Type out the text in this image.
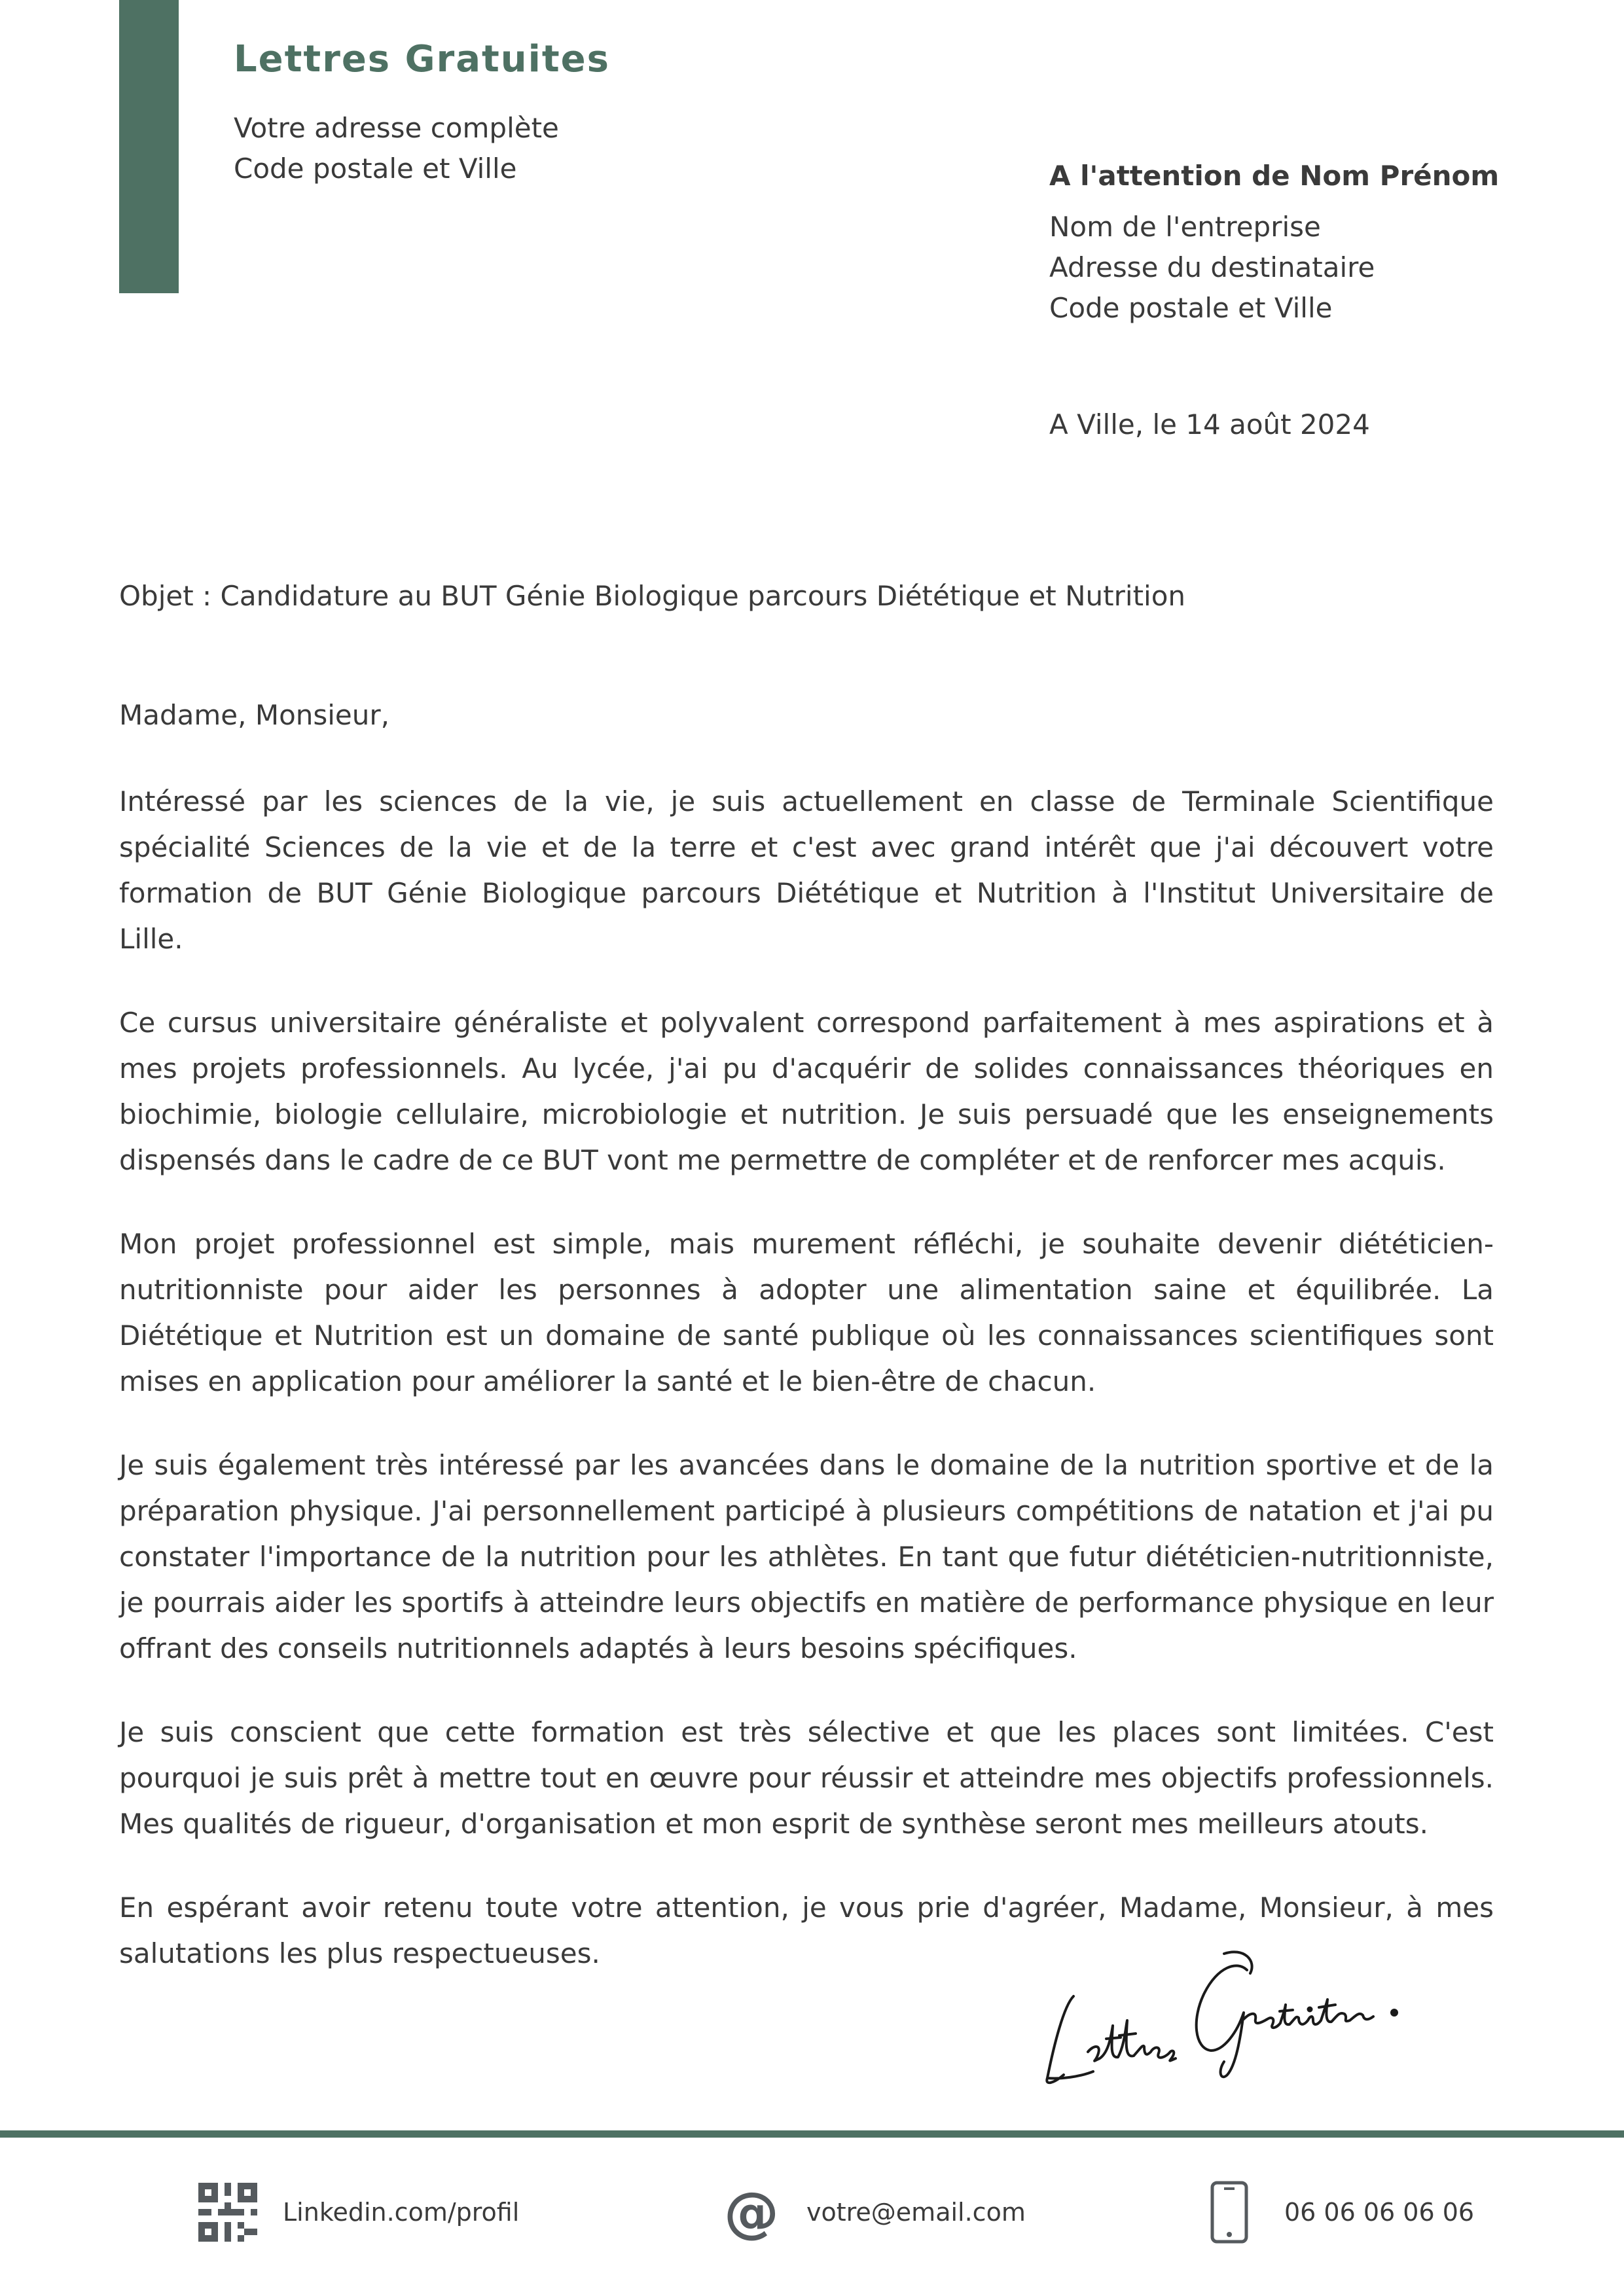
Lettres Gratuites
Votre adresse complète
Code postale et Ville	A l'attention de Nom Prénom
Nom de l'entreprise
Adresse du destinataire
Code postale et Ville
A Ville, le 14 août 2024
Objet : Candidature au BUT Génie Biologique parcours Diététique et Nutrition
Madame, Monsieur,

Intéressé par les sciences de la vie, je suis actuellement en classe de Terminale Scientifique spécialité Sciences de la vie et de la terre et c'est avec grand intérêt que j'ai découvert votre formation de BUT Génie Biologique parcours Diététique et Nutrition à l'Institut Universitaire de Lille.

Ce cursus universitaire généraliste et polyvalent correspond parfaitement à mes aspirations et à mes projets professionnels. Au lycée, j'ai pu d'acquérir de solides connaissances théoriques en biochimie, biologie cellulaire, microbiologie et nutrition. Je suis persuadé que les enseignements dispensés dans le cadre de ce BUT vont me permettre de compléter et de renforcer mes acquis.

Mon projet professionnel est simple, mais murement réfléchi, je souhaite devenir diététicien-nutritionniste pour aider les personnes à adopter une alimentation saine et équilibrée. La Diététique et Nutrition est un domaine de santé publique où les connaissances scientifiques sont mises en application pour améliorer la santé et le bien-être de chacun.

Je suis également très intéressé par les avancées dans le domaine de la nutrition sportive et de la préparation physique. J'ai personnellement participé à plusieurs compétitions de natation et j'ai pu constater l'importance de la nutrition pour les athlètes. En tant que futur diététicien-nutritionniste, je pourrais aider les sportifs à atteindre leurs objectifs en matière de performance physique en leur offrant des conseils nutritionnels adaptés à leurs besoins spécifiques.

Je suis conscient que cette formation est très sélective et que les places sont limitées. C'est pourquoi je suis prêt à mettre tout en œuvre pour réussir et atteindre mes objectifs professionnels. Mes qualités de rigueur, d'organisation et mon esprit de synthèse seront mes meilleurs atouts.

En espérant avoir retenu toute votre attention, je vous prie d'agréer, Madame, Monsieur, à mes salutations les plus respectueuses.

Linkedin.com/profil	@ votre@email.com	06 06 06 06 06
